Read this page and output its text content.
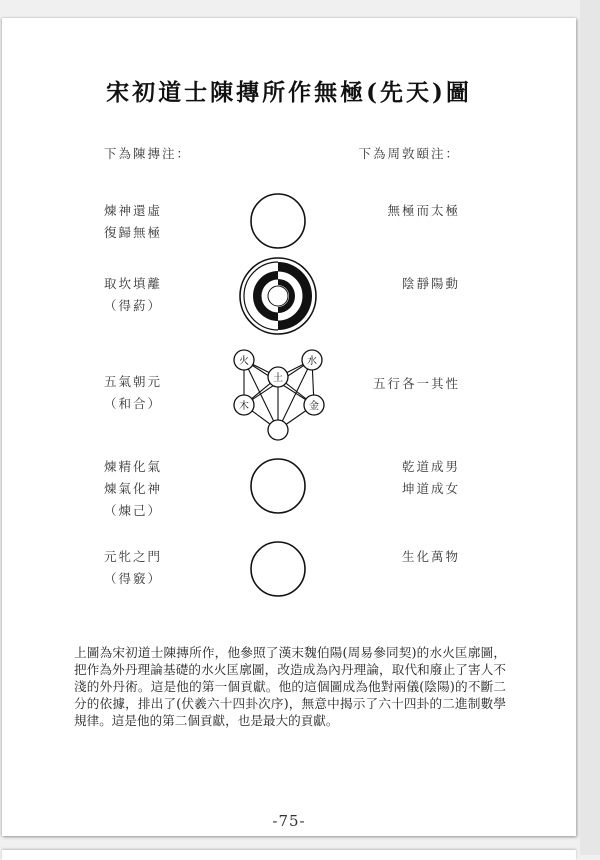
宋初道士陳摶所作無極(先天)圖
下為陳摶注：	下為周敦頤注：
煉神還虛
復歸無極
無極而太極
取坎填離
（得葯）
陰靜陽動
五氣朝元
（和合）
五行各一其性
煉精化氣
煉氣化神
（煉己）
乾道成男
坤道成女
元牝之門
（得竅）
生化萬物
火	水
土
木	金
上圖為宋初道士陳摶所作，他參照了漢末魏伯陽(周易參同契)的水火匡廓圖，把作為外丹理論基礎的水火匡廓圖，改造成為內丹理論，取代和廢止了害人不淺的外丹術。這是他的第一個貢獻。他的這個圖成為他對兩儀(陰陽)的不斷二分的依據，排出了(伏羲六十四卦次序)，無意中揭示了六十四卦的二進制數學規律。這是他的第二個貢獻，也是最大的貢獻。
-75-
